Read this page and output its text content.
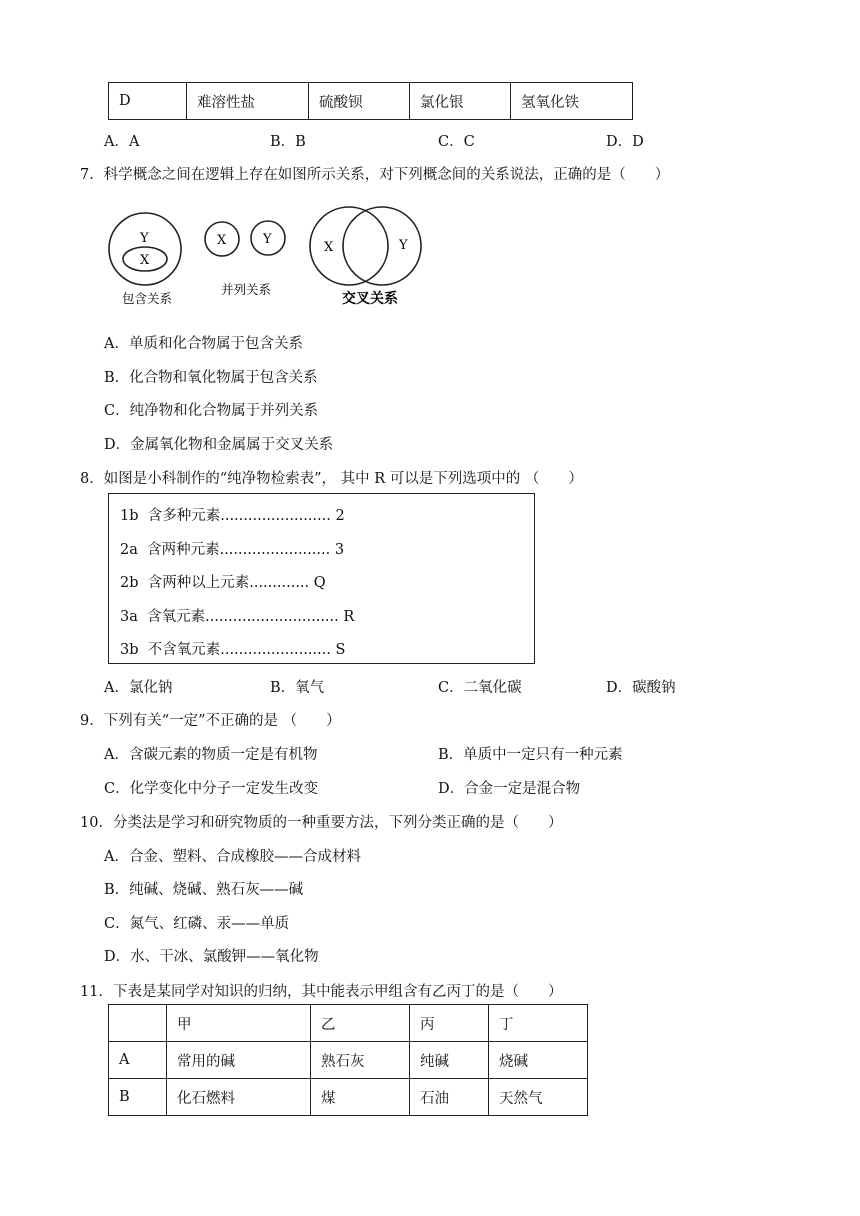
D	难溶性盐	硫酸钡	氯化银	氢氧化铁
A．A	B．B	C．C	D．D
7．科学概念之间在逻辑上存在如图所示关系，对下列概念间的关系说法，正确的是（　　）
Y
X
包含关系
X	Y
并列关系
X	Y
交叉关系
A．单质和化合物属于包含关系
B．化合物和氧化物属于包含关系
C．纯净物和化合物属于并列关系
D．金属氧化物和金属属于交叉关系
8．如图是小科制作的“纯净物检索表”， 其中 R 可以是下列选项中的 （　　）
1b 含多种元素........................ 2
2a 含两种元素........................ 3
2b 含两种以上元素............. Q
3a 含氧元素............................. R
3b 不含氧元素........................ S
A．氯化钠	B．氧气	C．二氧化碳	D．碳酸钠
9．下列有关“一定”不正确的是 （　　）
A．含碳元素的物质一定是有机物	B．单质中一定只有一种元素
C．化学变化中分子一定发生改变	D．合金一定是混合物
10．分类法是学习和研究物质的一种重要方法，下列分类正确的是（　　）
A．合金、塑料、合成橡胶——合成材料
B．纯碱、烧碱、熟石灰——碱
C．氮气、红磷、汞——单质
D．水、干冰、氯酸钾——氧化物
11．下表是某同学对知识的归纳，其中能表示甲组含有乙丙丁的是（　　）
	甲	乙	丙	丁
A	常用的碱	熟石灰	纯碱	烧碱
B	化石燃料	煤	石油	天然气
